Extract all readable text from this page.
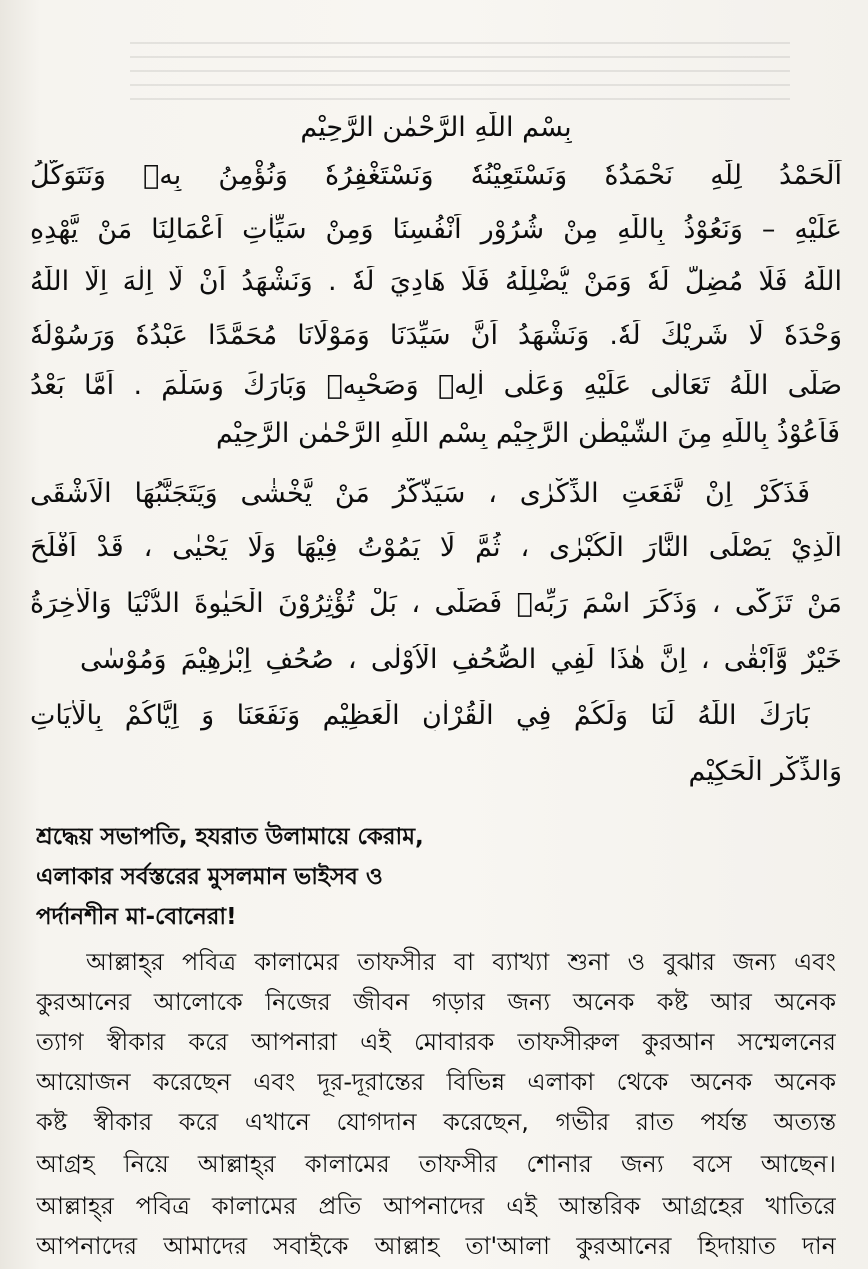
بِسْمِ اللّٰهِ الرَّحْمٰنِ الرَّحِيْمِ
اَلْحَمْدُ لِلّٰهِ نَحْمَدُهٗ وَنَسْتَعِيْنُهٗ وَنَسْتَغْفِرُهٗ وَنُؤْمِنُ بِهٖ وَنَتَوَكَّلُ
عَلَيْهِ – وَنَعُوْذُ بِاللّٰهِ مِنْ شُرُوْرِ اَنْفُسِنَا وَمِنْ سَيِّاٰتِ اَعْمَالِنَا مَنْ يَّهْدِهِ
اللّٰهُ فَلَا مُضِلَّ لَهٗ وَمَنْ يُّضْلِلْهُ فَلَا هَادِيَ لَهٗ . وَنَشْهَدُ اَنْ لَّا اِلٰهَ اِلَّا اللّٰهُ
وَحْدَهٗ لَا شَرِيْكَ لَهٗ. وَنَشْهَدُ اَنَّ سَيِّدَنَا وَمَوْلَانَا مُحَمَّدًا عَبْدُهٗ وَرَسُوْلُهٗ
صَلَّى اللّٰهُ تَعَالٰى عَلَيْهِ وَعَلٰى اٰلِهٖ وَصَحْبِهٖ وَبَارَكَ وَسَلَّمَ . اَمَّا بَعْدُ
فَاَعُوْذُ بِاللّٰهِ مِنَ الشَّيْطٰنِ الرَّجِيْمِ بِسْمِ اللّٰهِ الرَّحْمٰنِ الرَّحِيْمِ
فَذَكِّرْ اِنْ نَّفَعَتِ الذِّكْرٰى ، سَيَذَّكَّرُ مَنْ يَّخْشٰى وَيَتَجَنَّبُهَا الْاَشْقَى
الَّذِيْ يَصْلَى النَّارَ الْكُبْرٰى ، ثُمَّ لَا يَمُوْتُ فِيْهَا وَلَا يَحْيٰى ، قَدْ اَفْلَحَ
مَنْ تَزَكّٰى ، وَذَكَرَ اسْمَ رَبِّهٖ فَصَلّٰى ، بَلْ تُؤْثِرُوْنَ الْحَيٰوةَ الدُّنْيَا وَالْاٰخِرَةُ
خَيْرٌ وَّاَبْقٰى ، اِنَّ هٰذَا لَفِي الصُّحُفِ الْاُوْلٰى ، صُحُفِ اِبْرٰهِيْمَ وَمُوْسٰى
بَارَكَ اللّٰهُ لَنَا وَلَكُمْ فِي الْقُرْاٰنِ الْعَظِيْمِ وَنَفَعَنَا وَ اِيَّاكُمْ بِالْاٰيَاتِ
وَالذِّكْرِ الْحَكِيْمِ
শ্রদ্ধেয় সভাপতি, হযরাত উলামায়ে কেরাম,
এলাকার সর্বস্তরের মুসলমান ভাইসব ও
পর্দানশীন মা-বোনেরা!
আল্লাহ্‌র পবিত্র কালামের তাফসীর বা ব্যাখ্যা শুনা ও বুঝার জন্য এবং
কুরআনের আলোকে নিজের জীবন গড়ার জন্য অনেক কষ্ট আর অনেক
ত্যাগ স্বীকার করে আপনারা এই মোবারক তাফসীরুল কুরআন সম্মেলনের
আয়োজন করেছেন এবং দূর-দূরান্তের বিভিন্ন এলাকা থেকে অনেক অনেক
কষ্ট স্বীকার করে এখানে যোগদান করেছেন, গভীর রাত পর্যন্ত অত্যন্ত
আগ্রহ নিয়ে আল্লাহ্‌র কালামের তাফসীর শোনার জন্য বসে আছেন।
আল্লাহ্‌র পবিত্র কালামের প্রতি আপনাদের এই আন্তরিক আগ্রহের খাতিরে
আপনাদের আমাদের সবাইকে আল্লাহ তা'আলা কুরআনের হিদায়াত দান
